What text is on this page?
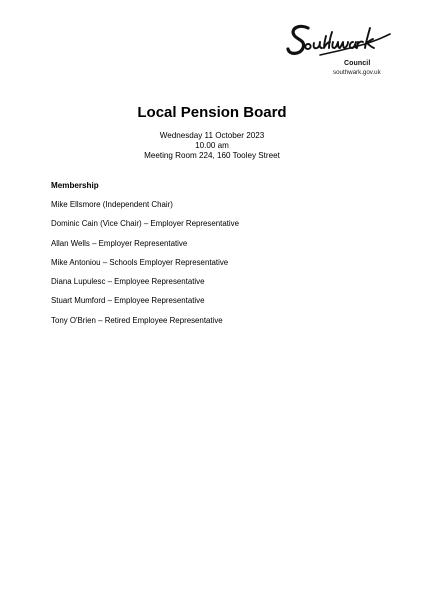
Council
southwark.gov.uk
Local Pension Board
Wednesday 11 October 2023
10.00 am
Meeting Room 224, 160 Tooley Street
Membership
Mike Ellsmore (Independent Chair)
Dominic Cain (Vice Chair) – Employer Representative
Allan Wells – Employer Representative
Mike Antoniou – Schools Employer Representative
Diana Lupulesc – Employee Representative
Stuart Mumford – Employee Representative
Tony O'Brien – Retired Employee Representative
